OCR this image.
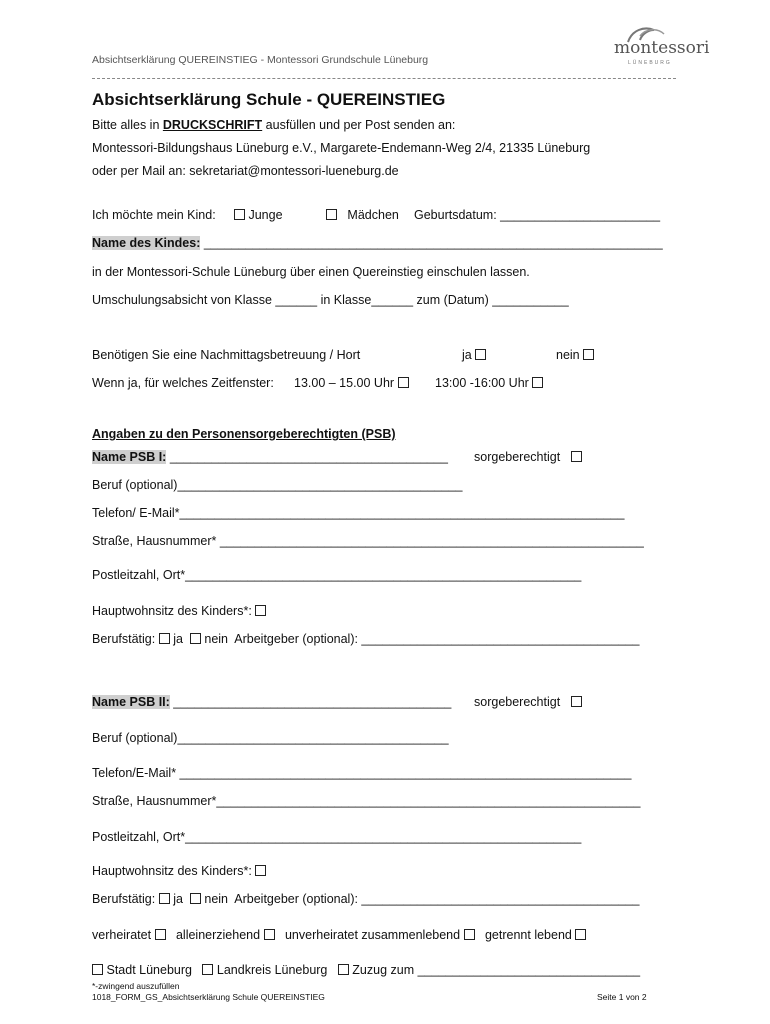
Absichtserklärung QUEREINSTIEG - Montessori Grundschule Lüneburg
montessori
LÜNEBURG
Absichtserklärung Schule - QUEREINSTIEG
Bitte alles in DRUCKSCHRIFT ausfüllen und per Post senden an:
Montessori-Bildungshaus Lüneburg e.V., Margarete-Endemann-Weg 2/4, 21335 Lüneburg
oder per Mail an: sekretariat@montessori-lueneburg.de
Ich möchte mein Kind:	Junge	Mädchen Geburtsdatum: _______________________
Name des Kindes: __________________________________________________________________
in der Montessori-Schule Lüneburg über einen Quereinstieg einschulen lassen.
Umschulungsabsicht von Klasse ______ in Klasse______ zum (Datum) ___________
Benötigen Sie eine Nachmittagsbetreuung / Hort	ja	nein
Wenn ja, für welches Zeitfenster: 13.00 – 15.00 Uhr	13:00 -16:00 Uhr
Angaben zu den Personensorgeberechtigten (PSB)
Name PSB I: ________________________________________ sorgeberechtigt
Beruf (optional)_________________________________________
Telefon/ E-Mail*________________________________________________________________
Straße, Hausnummer* _____________________________________________________________
Postleitzahl, Ort*_________________________________________________________
Hauptwohnsitz des Kinders*:
Berufstätig: ja nein Arbeitgeber (optional): ________________________________________
Name PSB II: ________________________________________ sorgeberechtigt
Beruf (optional)_______________________________________
Telefon/E-Mail* _________________________________________________________________
Straße, Hausnummer*_____________________________________________________________
Postleitzahl, Ort*_________________________________________________________
Hauptwohnsitz des Kinders*:
Berufstätig: ja nein Arbeitgeber (optional): ________________________________________
verheiratet alleinerziehend unverheiratet zusammenlebend getrennt lebend
Stadt Lüneburg Landkreis Lüneburg Zuzug zum ________________________________
*-zwingend auszufüllen
1018_FORM_GS_Absichtserklärung Schule QUEREINSTIEG	Seite 1 von 2
